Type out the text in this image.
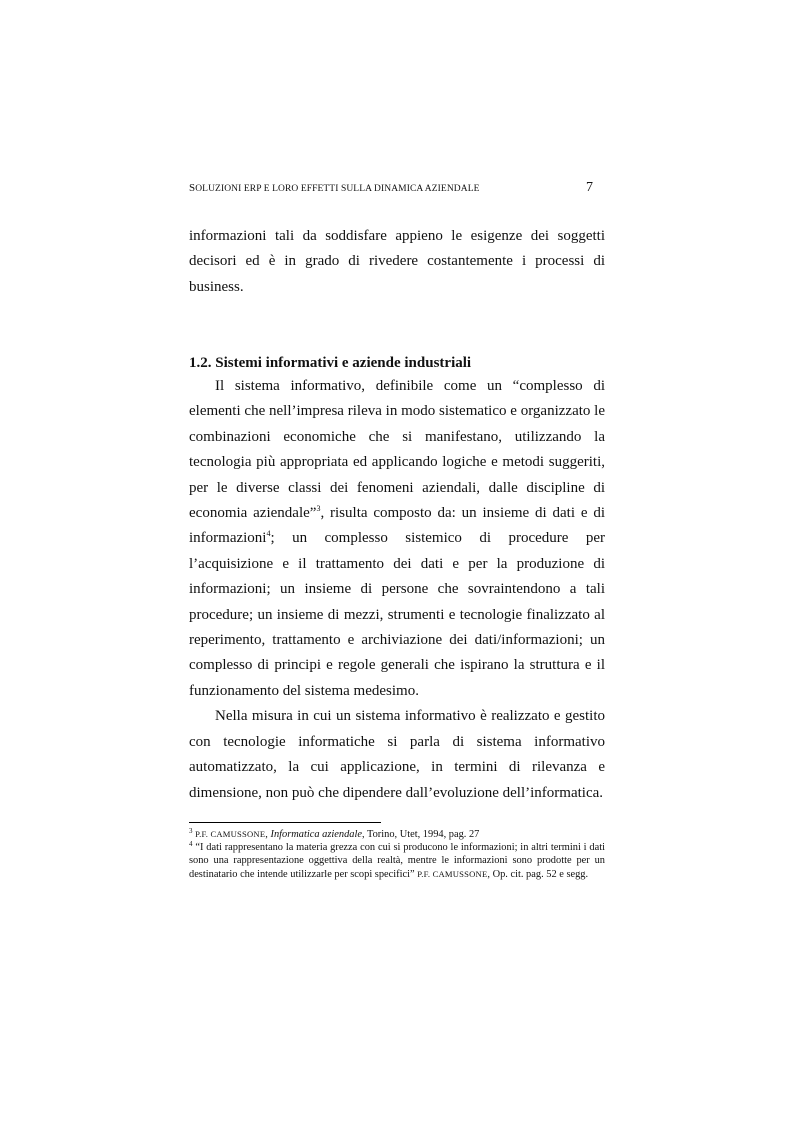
SOLUZIONI ERP E LORO EFFETTI SULLA DINAMICA AZIENDALE	7

informazioni tali da soddisfare appieno le esigenze dei soggetti decisori ed è in grado di rivedere costantemente i processi di business.

1.2. Sistemi informativi e aziende industriali

Il sistema informativo, definibile come un “complesso di elementi che nell’impresa rileva in modo sistematico e organizzato le combinazioni economiche che si manifestano, utilizzando la tecnologia più appropriata ed applicando logiche e metodi suggeriti, per le diverse classi dei fenomeni aziendali, dalle discipline di economia aziendale”$^3$, risulta composto da: un insieme di dati e di informazioni$^4$; un complesso sistemico di procedure per l’acquisizione e il trattamento dei dati e per la produzione di informazioni; un insieme di persone che sovraintendono a tali procedure; un insieme di mezzi, strumenti e tecnologie finalizzato al reperimento, trattamento e archiviazione dei dati/informazioni; un complesso di principi e regole generali che ispirano la struttura e il funzionamento del sistema medesimo.

Nella misura in cui un sistema informativo è realizzato e gestito con tecnologie informatiche si parla di sistema informativo automatizzato, la cui applicazione, in termini di rilevanza e dimensione, non può che dipendere dall’evoluzione dell’informatica.

$^3$ P.F. CAMUSSONE, Informatica aziendale, Torino, Utet, 1994, pag. 27

$^4$ “I dati rappresentano la materia grezza con cui si producono le informazioni; in altri termini i dati sono una rappresentazione oggettiva della realtà, mentre le informazioni sono prodotte per un destinatario che intende utilizzarle per scopi specifici” P.F. CAMUSSONE, Op. cit. pag. 52 e segg.
